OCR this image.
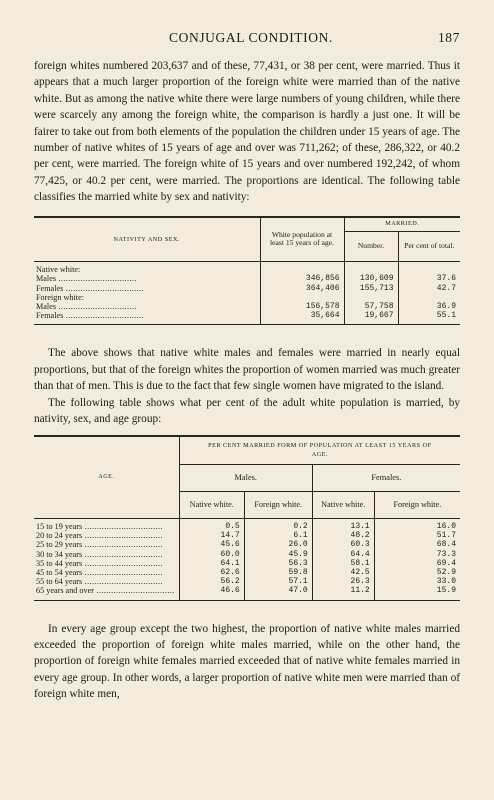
CONJUGAL CONDITION.	187

foreign whites numbered 203,637 and of these, 77,431, or 38 per cent, were married. Thus it appears that a much larger proportion of the foreign white were married than of the native white. But as among the native white there were large numbers of young children, while there were scarcely any among the foreign white, the comparison is hardly a just one. It will be fairer to take out from both elements of the population the children under 15 years of age. The number of native whites of 15 years of age and over was 711,262; of these, 286,322, or 40.2 per cent, were married. The foreign white of 15 years and over numbered 192,242, of whom 77,425, or 40.2 per cent, were married. The proportions are identical. The following table classifies the married white by sex and nativity:

NATIVITY AND SEX.	White population at least 15 years of age.	MARRIED.	
		Number.	Per cent of total.
Native white:			
Males .....	346,856	130,609	37.6
Females .....	364,406	155,713	42.7
Foreign white:			
Males .....	156,578	57,758	36.9
Females .....	35,664	19,667	55.1

The above shows that native white males and females were married in nearly equal proportions, but that of the foreign whites the proportion of women married was much greater than that of men. This is due to the fact that few single women have migrated to the island.

The following table shows what per cent of the adult white population is married, by nativity, sex, and age group:

AGE.	PER CENT MARRIED FORM OF POPULATION AT LEAST 15 YEARS OF AGE.			
	Males.		Females.	
	Native white.	Foreign white.	Native white.	Foreign white.
15 to 19 years .....	0.5	0.2	13.1	16.0
20 to 24 years .....	14.7	6.1	48.2	51.7
25 to 29 years .....	45.6	26.0	60.3	68.4
30 to 34 years .....	60.0	45.9	64.4	73.3
35 to 44 years .....	64.1	56.3	58.1	69.4
45 to 54 years .....	62.6	59.8	42.5	52.9
55 to 64 years .....	56.2	57.1	26.3	33.0
65 years and over .....	46.6	47.0	11.2	15.9

In every age group except the two highest, the proportion of native white males married exceeded the proportion of foreign white males married, while on the other hand, the proportion of foreign white females married exceeded that of native white females married in every age group. In other words, a larger proportion of native white men were married than of foreign white men,
